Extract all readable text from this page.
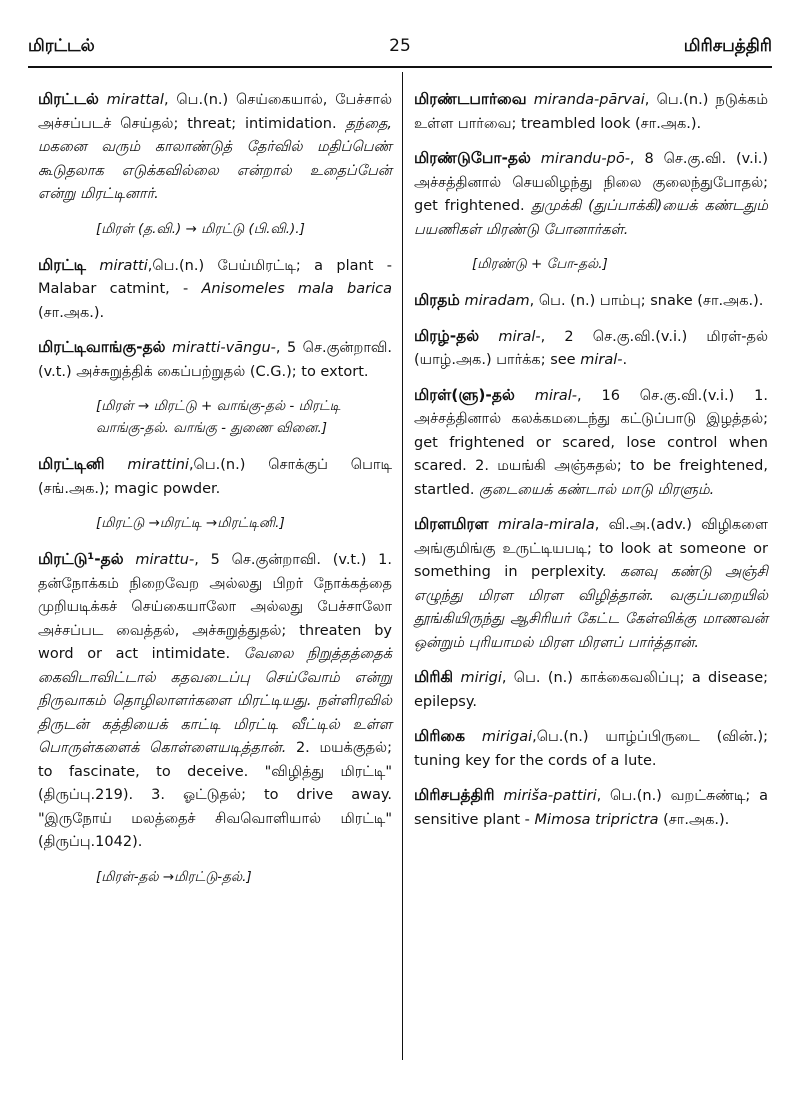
மிரட்டல்	25	மிரிசபத்திரி
மிரட்டல் mirattal, பெ.(n.) செய்கையால், பேச்சால் அச்சப்படச் செய்தல்; threat; intimidation. தந்தை, மகனை வரும் காலாண்டுத் தேர்வில் மதிப்பெண் கூடுதலாக எடுக்கவில்லை என்றால் உதைப்பேன் என்று மிரட்டினார்.
[மிரள் (த.வி.) → மிரட்டு (பி.வி.).]
மிரட்டி miratti,பெ.(n.) பேய்மிரட்டி; a plant - Malabar catmint, - Anisomeles mala barica (சா.அக.).
மிரட்டிவாங்கு-தல் miratti-vāngu-, 5 செ.குன்றாவி.(v.t.) அச்சுறுத்திக் கைப்பற்றுதல் (C.G.); to extort.
[மிரள் → மிரட்டு + வாங்கு-தல் - மிரட்டி வாங்கு-தல். வாங்கு - துணை வினை.]
மிரட்டினி mirattini,பெ.(n.) சொக்குப் பொடி (சங்.அக.); magic powder.
[மிரட்டு →மிரட்டி →மிரட்டினி.]
மிரட்டு¹-தல் mirattu-, 5 செ.குன்றாவி. (v.t.) 1. தன்நோக்கம் நிறைவேற அல்லது பிறர் நோக்கத்தை முறியடிக்கச் செய்கையாலோ அல்லது பேச்சாலோ அச்சப்பட வைத்தல், அச்சுறுத்துதல்; threaten by word or act intimidate. வேலை நிறுத்தத்தைக் கைவிடாவிட்டால் கதவடைப்பு செய்வோம் என்று நிருவாகம் தொழிலாளர்களை மிரட்டியது. நள்ளிரவில் திருடன் கத்தியைக் காட்டி மிரட்டி வீட்டில் உள்ள பொருள்களைக் கொள்ளையடித்தான். 2. மயக்குதல்; to fascinate, to deceive. "விழித்து மிரட்டி" (திருப்பு.219). 3. ஓட்டுதல்; to drive away. "இருநோய் மலத்தைச் சிவவொளியால் மிரட்டி" (திருப்பு.1042).
[மிரள்-தல் →மிரட்டு-தல்.]
மிரண்டபார்வை miranda-pārvai, பெ.(n.) நடுக்கம் உள்ள பார்வை; treambled look (சா.அக.).
மிரண்டுபோ-தல் mirandu-pō-, 8 செ.கு.வி. (v.i.) அச்சத்தினால் செயலிழந்து நிலை குலைந்துபோதல்; get frightened. துமுக்கி (துப்பாக்கி)யைக் கண்டதும் பயணிகள் மிரண்டு போனார்கள்.
[மிரண்டு + போ-தல்.]
மிரதம் miradam, பெ. (n.) பாம்பு; snake (சா.அக.).
மிரழ்-தல் miral-, 2 செ.கு.வி.(v.i.) மிரள்-தல் (யாழ்.அக.) பார்க்க; see miral-.
மிரள்(ளு)-தல் miral-, 16 செ.கு.வி.(v.i.) 1. அச்சத்தினால் கலக்கமடைந்து கட்டுப்பாடு இழத்தல்; get frightened or scared, lose control when scared. 2. மயங்கி அஞ்சுதல்; to be freightened, startled. குடையைக் கண்டால் மாடு மிரளும்.
மிரளமிரள mirala-mirala, வி.அ.(adv.) விழிகளை அங்குமிங்கு உருட்டியபடி; to look at someone or something in perplexity. கனவு கண்டு அஞ்சி எழுந்து மிரள மிரள விழித்தான். வகுப்பறையில் தூங்கியிருந்து ஆசிரியர் கேட்ட கேள்விக்கு மாணவன் ஒன்றும் புரியாமல் மிரள மிரளப் பார்த்தான்.
மிரிகி mirigi, பெ. (n.) காக்கைவலிப்பு; a disease; epilepsy.
மிரிகை mirigai,பெ.(n.) யாழ்ப்பிருடை (வின்.); tuning key for the cords of a lute.
மிரிசபத்திரி miriša-pattiri, பெ.(n.) வறட்சுண்டி; a sensitive plant - Mimosa triprictra (சா.அக.).
